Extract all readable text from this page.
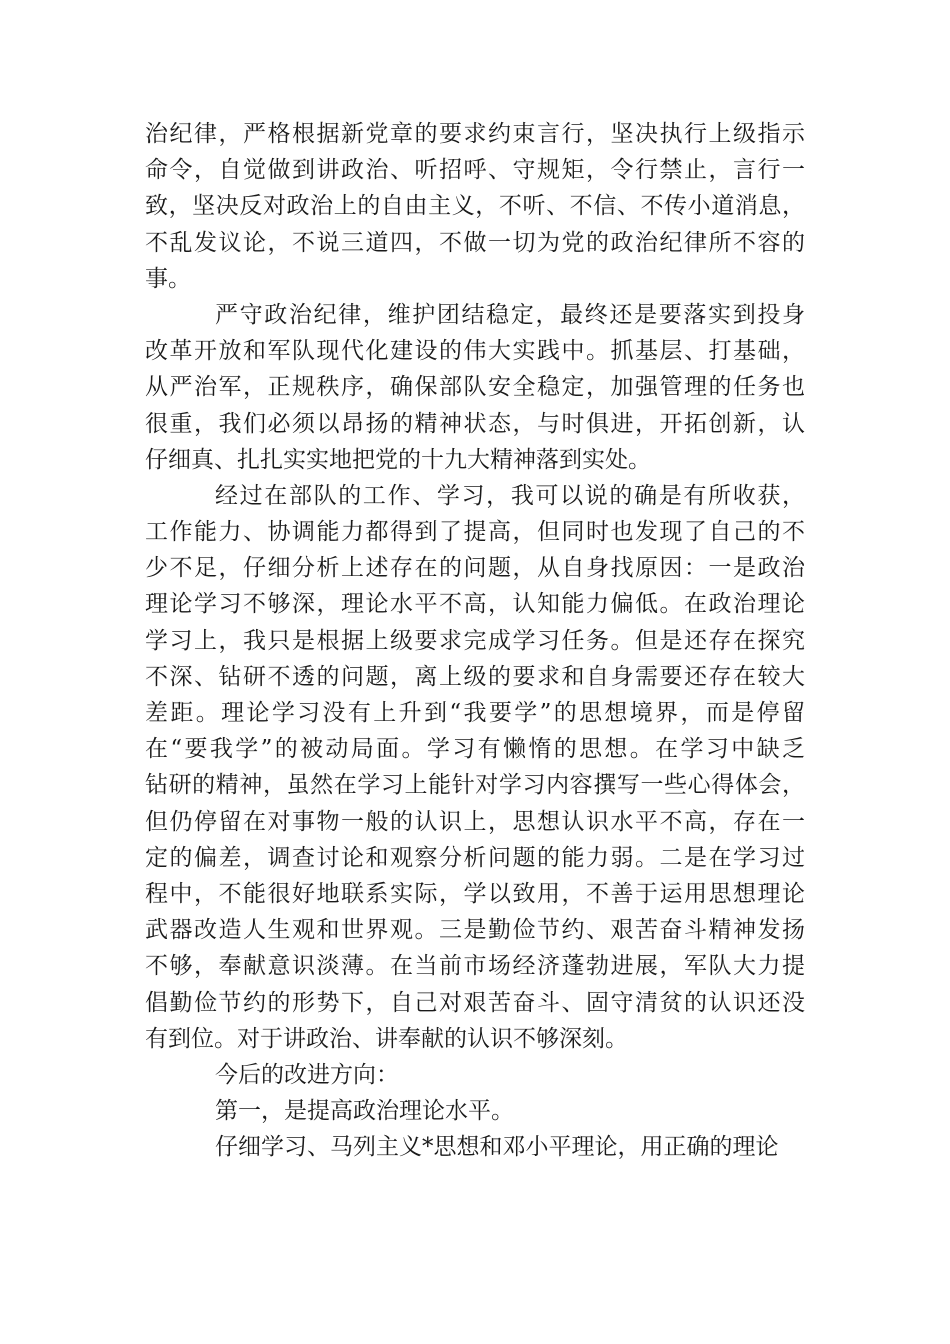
治纪律，严格根据新党章的要求约束言行，坚决执行上级指示
命令，自觉做到讲政治、听招呼、守规矩，令行禁止，言行一
致，坚决反对政治上的自由主义，不听、不信、不传小道消息，
不乱发议论，不说三道四，不做一切为党的政治纪律所不容的
事。
严守政治纪律，维护团结稳定，最终还是要落实到投身
改革开放和军队现代化建设的伟大实践中。抓基层、打基础，
从严治军，正规秩序，确保部队安全稳定，加强管理的任务也
很重，我们必须以昂扬的精神状态，与时俱进，开拓创新，认
仔细真、扎扎实实地把党的十九大精神落到实处。
经过在部队的工作、学习，我可以说的确是有所收获，
工作能力、协调能力都得到了提高，但同时也发现了自己的不
少不足，仔细分析上述存在的问题，从自身找原因：一是政治
理论学习不够深，理论水平不高，认知能力偏低。在政治理论
学习上，我只是根据上级要求完成学习任务。但是还存在探究
不深、钻研不透的问题，离上级的要求和自身需要还存在较大
差距。理论学习没有上升到“我要学”的思想境界，而是停留
在“要我学”的被动局面。学习有懒惰的思想。在学习中缺乏
钻研的精神，虽然在学习上能针对学习内容撰写一些心得体会，
但仍停留在对事物一般的认识上，思想认识水平不高，存在一
定的偏差，调查讨论和观察分析问题的能力弱。二是在学习过
程中，不能很好地联系实际，学以致用，不善于运用思想理论
武器改造人生观和世界观。三是勤俭节约、艰苦奋斗精神发扬
不够，奉献意识淡薄。在当前市场经济蓬勃进展，军队大力提
倡勤俭节约的形势下，自己对艰苦奋斗、固守清贫的认识还没
有到位。对于讲政治、讲奉献的认识不够深刻。
今后的改进方向：
第一，是提高政治理论水平。
仔细学习、马列主义*思想和邓小平理论，用正确的理论
